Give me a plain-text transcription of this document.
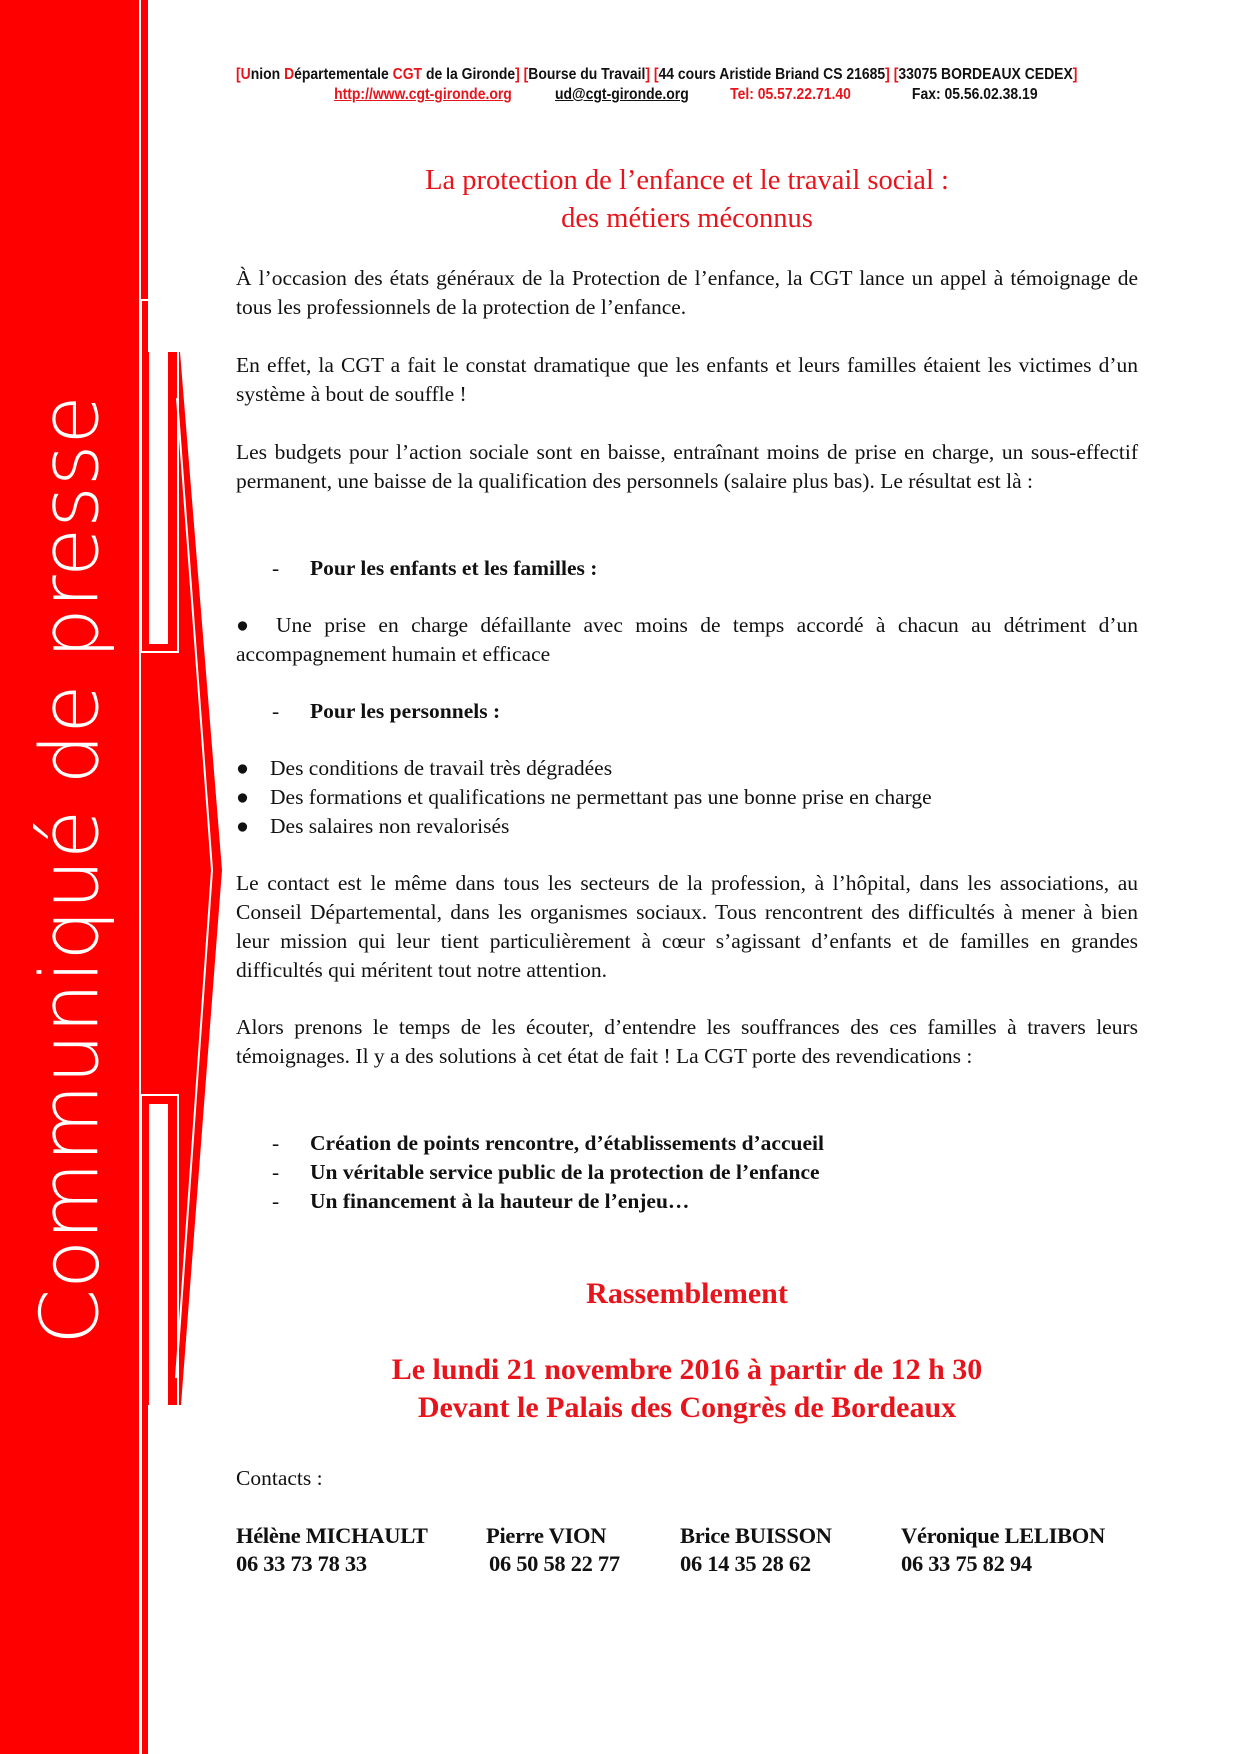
Communiqué de presse
[Union Départementale CGT de la Gironde] [Bourse du Travail] [44 cours Aristide Briand CS 21685] [33075 BORDEAUX CEDEX]
http://www.cgt-gironde.org	ud@cgt-gironde.org	Tel: 05.57.22.71.40	Fax: 05.56.02.38.19
La protection de l’enfance et le travail social :
des métiers méconnus
À l’occasion des états généraux de la Protection de l’enfance, la CGT lance un appel à témoignage de tous les professionnels de la protection de l’enfance.
En effet, la CGT a fait le constat dramatique que les enfants et leurs familles étaient les victimes d’un système à bout de souffle !
Les budgets pour l’action sociale sont en baisse, entraînant moins de prise en charge, un sous-effectif permanent, une baisse de la qualification des personnels (salaire plus bas). Le résultat est là :
- Pour les enfants et les familles :
● Une prise en charge défaillante avec moins de temps accordé à chacun au détriment d’un accompagnement humain et efficace
- Pour les personnels :
● Des conditions de travail très dégradées
● Des formations et qualifications ne permettant pas une bonne prise en charge
● Des salaires non revalorisés
Le contact est le même dans tous les secteurs de la profession, à l’hôpital, dans les associations, au Conseil Départemental, dans les organismes sociaux. Tous rencontrent des difficultés à mener à bien leur mission qui leur tient particulièrement à cœur s’agissant d’enfants et de familles en grandes difficultés qui méritent tout notre attention.
Alors prenons le temps de les écouter, d’entendre les souffrances des ces familles à travers leurs témoignages. Il y a des solutions à cet état de fait ! La CGT porte des revendications :
- Création de points rencontre, d’établissements d’accueil
- Un véritable service public de la protection de l’enfance
- Un financement à la hauteur de l’enjeu…
Rassemblement
Le lundi 21 novembre 2016 à partir de 12 h 30
Devant le Palais des Congrès de Bordeaux
Contacts :
Hélène MICHAULT
06 33 73 78 33
Pierre VION
06 50 58 22 77
Brice BUISSON
06 14 35 28 62
Véronique LELIBON
06 33 75 82 94
